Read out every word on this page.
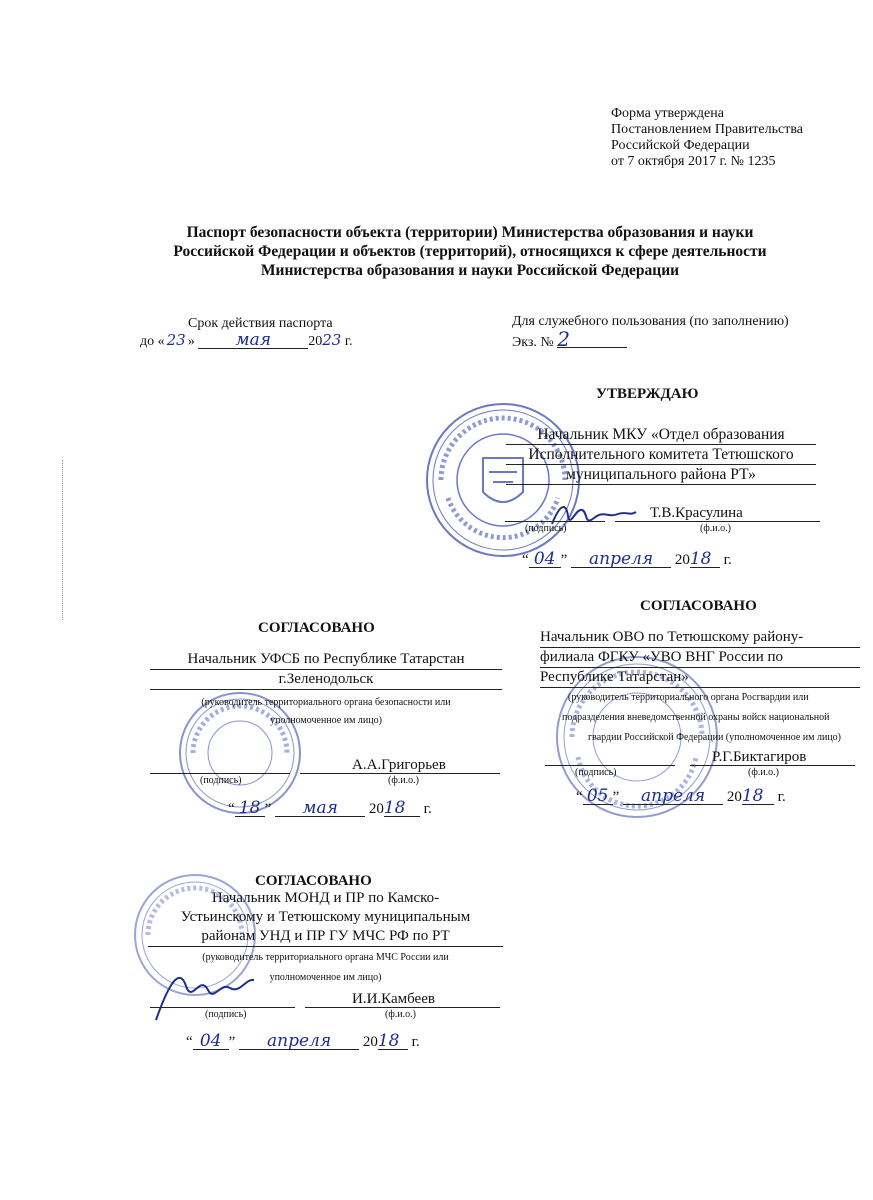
Форма утверждена
Постановлением Правительства
Российской Федерации
от 7 октября 2017 г. № 1235
Паспорт безопасности объекта (территории) Министерства образования и науки
Российской Федерации и объектов (территорий), относящихся к сфере деятельности
Министерства образования и науки Российской Федерации
Срок действия паспорта
до « 23 » мая	2023 г.
Для служебного пользования (по заполнению)
Экз. № 2
УТВЕРЖДАЮ
Начальник МКУ «Отдел образования
Исполнительного комитета Тетюшского
муниципального района РТ»
(подпись)
Т.В.Красулина
(ф.и.о.)
“ 04 ” апреля 2018 г.
СОГЛАСОВАНО
Начальник УФСБ по Республике Татарстан
г.Зеленодольск
(руководитель территориального органа безопасности или
уполномоченное им лицо)
(подпись)
А.А.Григорьев
(ф.и.о.)
“ 18 ” мая 2018 г.
СОГЛАСОВАНО
Начальник ОВО по Тетюшскому району-
филиала ФГКУ «УВО ВНГ России по
Республике Татарстан»
(руководитель территориального органа Росгвардии или
подразделения вневедомственной охраны войск национальной
гвардии Российской Федерации (уполномоченное им лицо)
(подпись)
Р.Г.Биктагиров
(ф.и.о.)
“ 05 ” апреля 2018 г.
СОГЛАСОВАНО
Начальник МОНД и ПР по Камско-
Устьинскому и Тетюшскому муниципальным
районам УНД и ПР ГУ МЧС РФ по РТ
(руководитель территориального органа МЧС России или
уполномоченное им лицо)
(подпись)
И.И.Камбеев
(ф.и.о.)
“ 04 ” апреля 2018 г.
